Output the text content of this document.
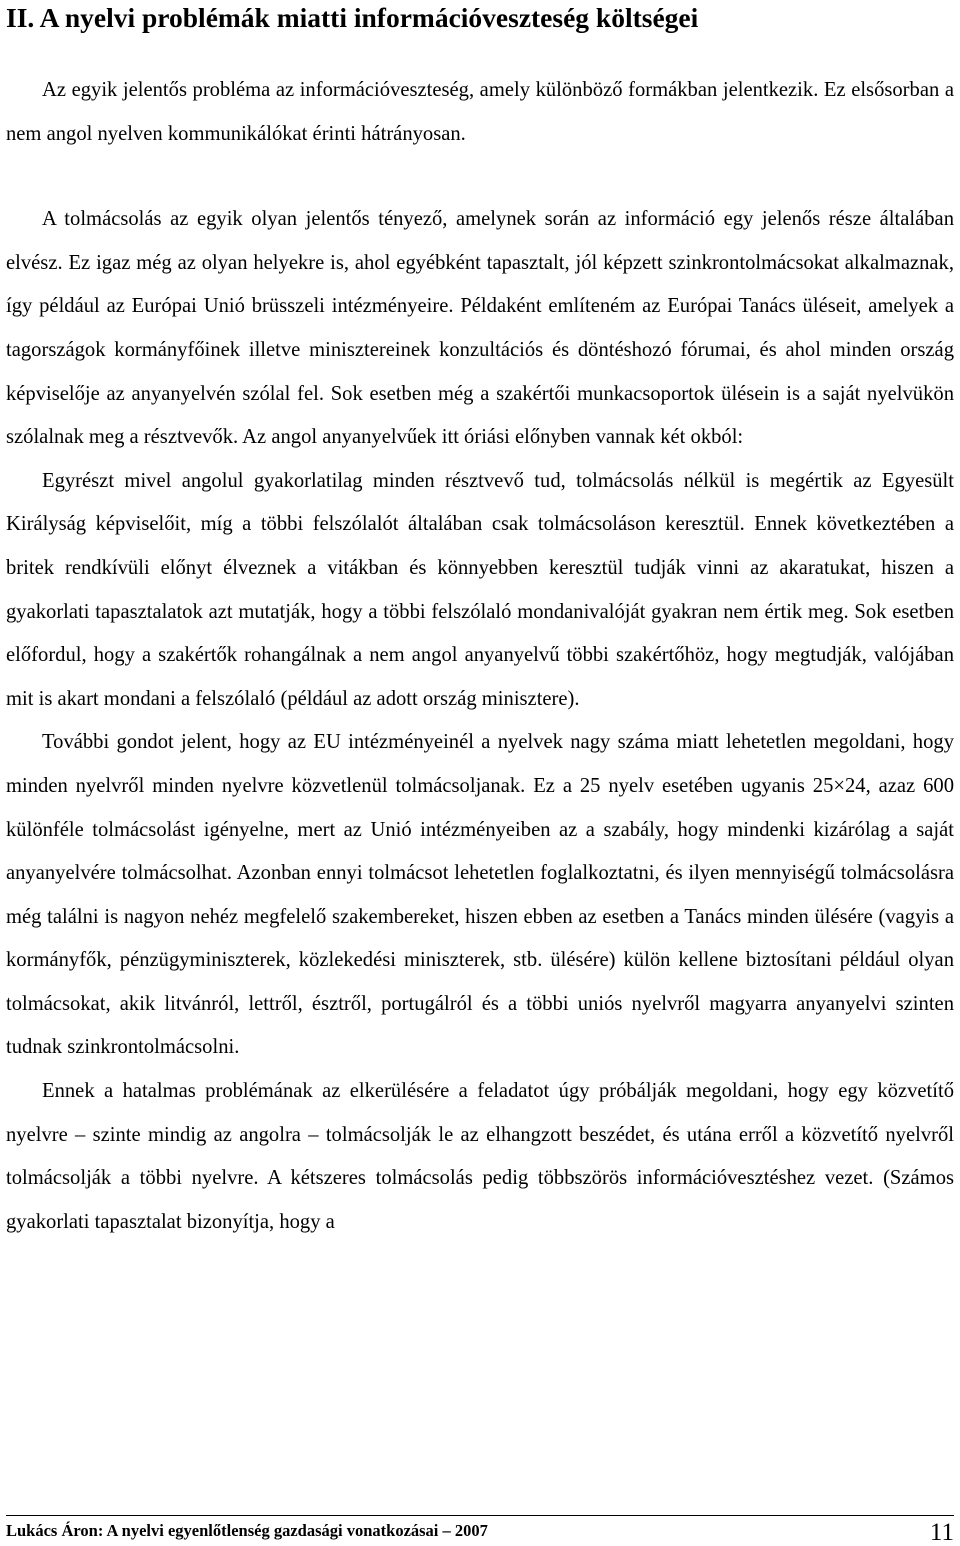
II. A nyelvi problémák miatti információveszteség költségei

Az egyik jelentős probléma az információveszteség, amely különböző formákban jelentkezik. Ez elsősorban a nem angol nyelven kommunikálókat érinti hátrányosan.

A tolmácsolás az egyik olyan jelentős tényező, amelynek során az információ egy jelenős része általában elvész. Ez igaz még az olyan helyekre is, ahol egyébként tapasztalt, jól képzett szinkrontolmácsokat alkalmaznak, így például az Európai Unió brüsszeli intézményeire. Példaként említeném az Európai Tanács üléseit, amelyek a tagországok kormányfőinek illetve minisztereinek konzultációs és döntéshozó fórumai, és ahol minden ország képviselője az anyanyelvén szólal fel. Sok esetben még a szakértői munkacsoportok ülésein is a saját nyelvükön szólalnak meg a résztvevők. Az angol anyanyelvűek itt óriási előnyben vannak két okból:

Egyrészt mivel angolul gyakorlatilag minden résztvevő tud, tolmácsolás nélkül is megértik az Egyesült Királyság képviselőit, míg a többi felszólalót általában csak tolmácsoláson keresztül. Ennek következtében a britek rendkívüli előnyt élveznek a vitákban és könnyebben keresztül tudják vinni az akaratukat, hiszen a gyakorlati tapasztalatok azt mutatják, hogy a többi felszólaló mondanivalóját gyakran nem értik meg. Sok esetben előfordul, hogy a szakértők rohangálnak a nem angol anyanyelvű többi szakértőhöz, hogy megtudják, valójában mit is akart mondani a felszólaló (például az adott ország minisztere).

További gondot jelent, hogy az EU intézményeinél a nyelvek nagy száma miatt lehetetlen megoldani, hogy minden nyelvről minden nyelvre közvetlenül tolmácsoljanak. Ez a 25 nyelv esetében ugyanis 25×24, azaz 600 különféle tolmácsolást igényelne, mert az Unió intézményeiben az a szabály, hogy mindenki kizárólag a saját anyanyelvére tolmácsolhat. Azonban ennyi tolmácsot lehetetlen foglalkoztatni, és ilyen mennyiségű tolmácsolásra még találni is nagyon nehéz megfelelő szakembereket, hiszen ebben az esetben a Tanács minden ülésére (vagyis a kormányfők, pénzügyminiszterek, közlekedési miniszterek, stb. ülésére) külön kellene biztosítani például olyan tolmácsokat, akik litvánról, lettről, észtről, portugálról és a többi uniós nyelvről magyarra anyanyelvi szinten tudnak szinkrontolmácsolni.

Ennek a hatalmas problémának az elkerülésére a feladatot úgy próbálják megoldani, hogy egy közvetítő nyelvre – szinte mindig az angolra – tolmácsolják le az elhangzott beszédet, és utána erről a közvetítő nyelvről tolmácsolják a többi nyelvre. A kétszeres tolmácsolás pedig többszörös információvesztéshez vezet. (Számos gyakorlati tapasztalat bizonyítja, hogy a

Lukács Áron: A nyelvi egyenlőtlenség gazdasági vonatkozásai – 2007	11
